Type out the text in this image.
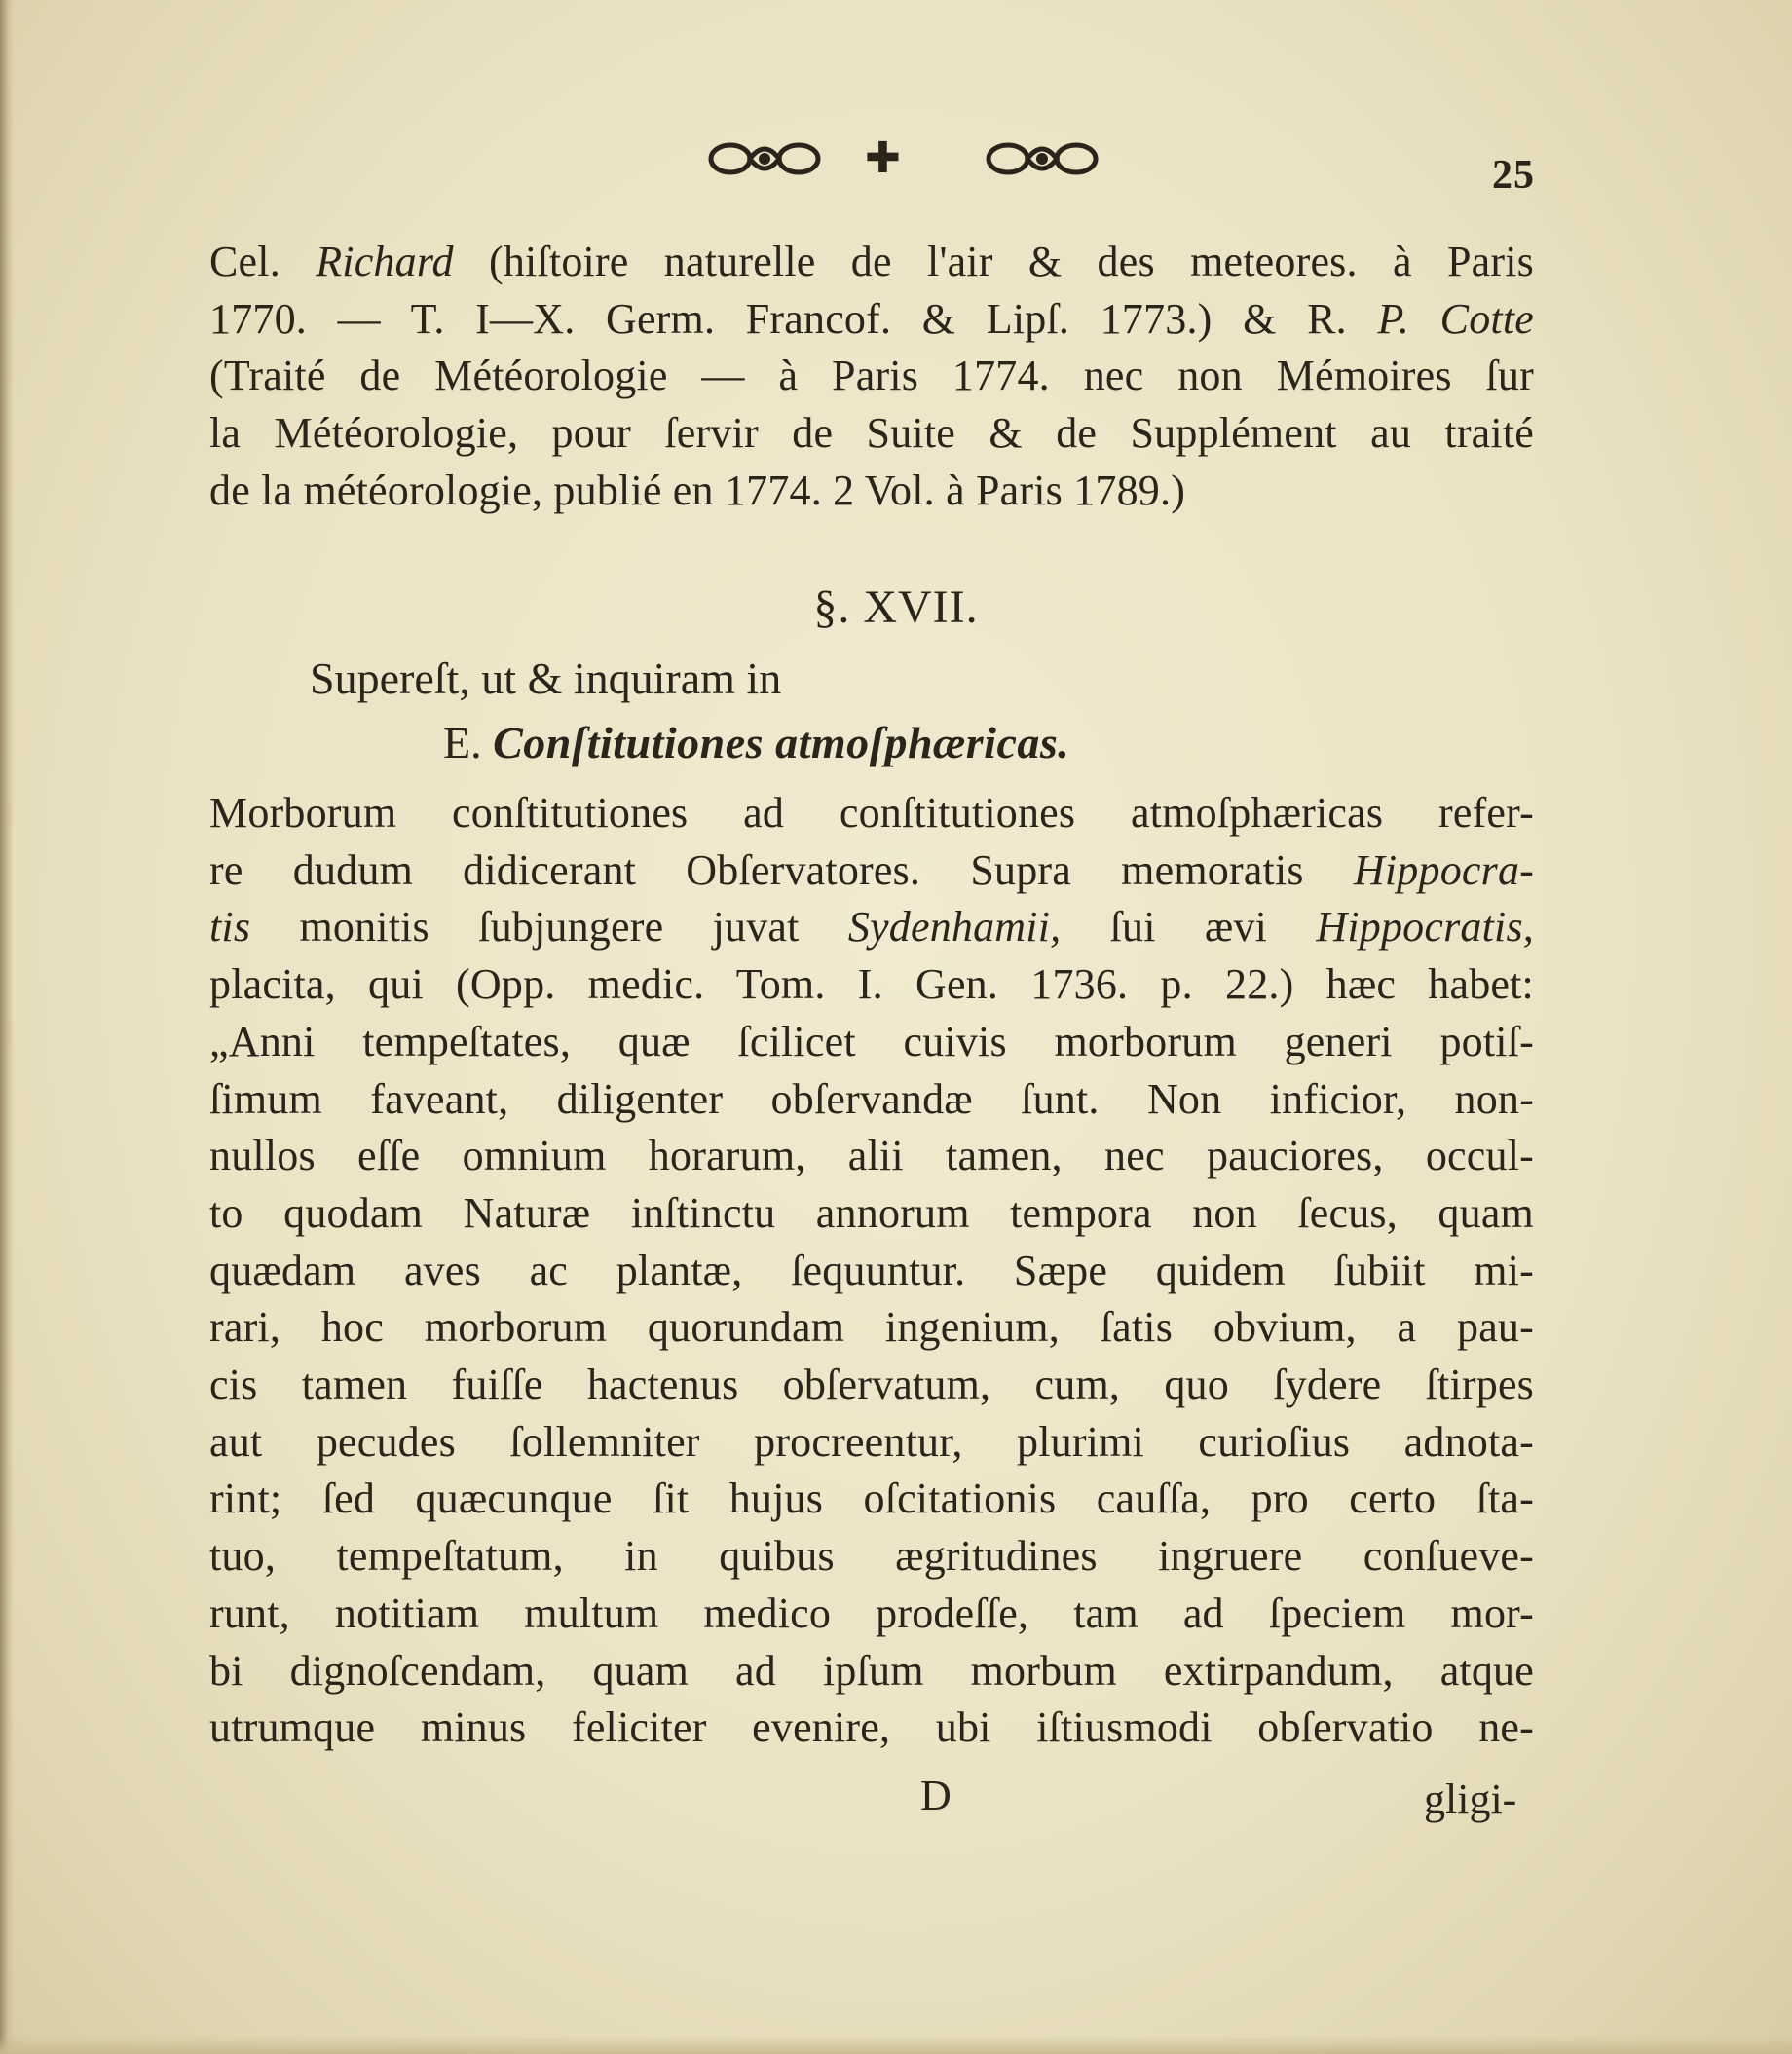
✚	25
Cel. Richard (hiſtoire naturelle de l'air & des meteores. à Paris
1770. — T. I—X. Germ. Francof. & Lipſ. 1773.) & R. P. Cotte
(Traité de Météorologie — à Paris 1774. nec non Mémoires ſur
la Météorologie, pour ſervir de Suite & de Supplément au traité
de la météorologie, publié en 1774. 2 Vol. à Paris 1789.)
§. XVII.
Supereſt, ut & inquiram in
E. Conſtitutiones atmoſphæricas.
Morborum conſtitutiones ad conſtitutiones atmoſphæricas refer-
re dudum didicerant Obſervatores. Supra memoratis Hippocra-
tis monitis ſubjungere juvat Sydenhamii, ſui ævi Hippocratis,
placita, qui (Opp. medic. Tom. I. Gen. 1736. p. 22.) hæc habet:
„Anni tempeſtates, quæ ſcilicet cuivis morborum generi potiſ-
ſimum faveant, diligenter obſervandæ ſunt. Non inficior, non-
nullos eſſe omnium horarum, alii tamen, nec pauciores, occul-
to quodam Naturæ inſtinctu annorum tempora non ſecus, quam
quædam aves ac plantæ, ſequuntur. Sæpe quidem ſubiit mi-
rari, hoc morborum quorundam ingenium, ſatis obvium, a pau-
cis tamen fuiſſe hactenus obſervatum, cum, quo ſydere ſtirpes
aut pecudes ſollemniter procreentur, plurimi curioſius adnota-
rint; ſed quæcunque ſit hujus oſcitationis cauſſa, pro certo ſta-
tuo, tempeſtatum, in quibus ægritudines ingruere conſueve-
runt, notitiam multum medico prodeſſe, tam ad ſpeciem mor-
bi dignoſcendam, quam ad ipſum morbum extirpandum, atque
utrumque minus feliciter evenire, ubi iſtiusmodi obſervatio ne-
D	gligi-
